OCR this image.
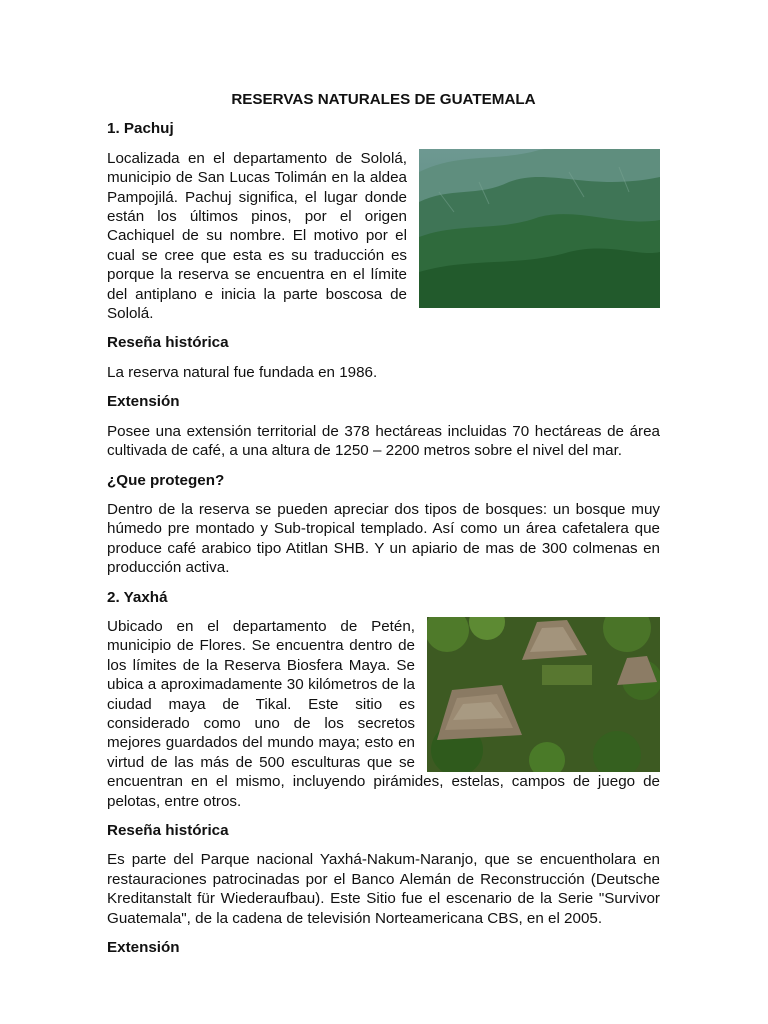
RESERVAS NATURALES DE GUATEMALA
1. Pachuj

Localizada en el departamento de Sololá, municipio de San Lucas Tolimán en la aldea Pampojilá. Pachuj significa, el lugar donde están los últimos pinos, por el origen Cachiquel de su nombre. El motivo por el cual se cree que esta es su traducción es porque la reserva se encuentra en el límite del antiplano e inicia la parte boscosa de Sololá.

Reseña histórica

La reserva natural fue fundada en 1986.

Extensión

Posee una extensión territorial de 378 hectáreas incluidas 70 hectáreas de área cultivada de café, a una altura de 1250 – 2200 metros sobre el nivel del mar.

¿Que protegen?

Dentro de la reserva se pueden apreciar dos tipos de bosques: un bosque muy húmedo pre montado y Sub-tropical templado. Así como un área cafetalera que produce café arabico tipo Atitlan SHB. Y un apiario de mas de 300 colmenas en producción activa.

2. Yaxhá

Ubicado en el departamento de Petén, municipio de Flores. Se encuentra dentro de los límites de la Reserva Biosfera Maya. Se ubica a aproximadamente 30 kilómetros de la ciudad maya de Tikal. Este sitio es considerado como uno de los secretos mejores guardados del mundo maya; esto en virtud de las más de 500 esculturas que se encuentran en el mismo, incluyendo pirámides, estelas, campos de juego de pelotas, entre otros.

Reseña histórica

Es parte del Parque nacional Yaxhá-Nakum-Naranjo, que se encuentholara en restauraciones patrocinadas por el Banco Alemán de Reconstrucción (Deutsche Kreditanstalt für Wiederaufbau). Este Sitio fue el escenario de la Serie "Survivor Guatemala", de la cadena de televisión Norteamericana CBS, en el 2005.

Extensión
